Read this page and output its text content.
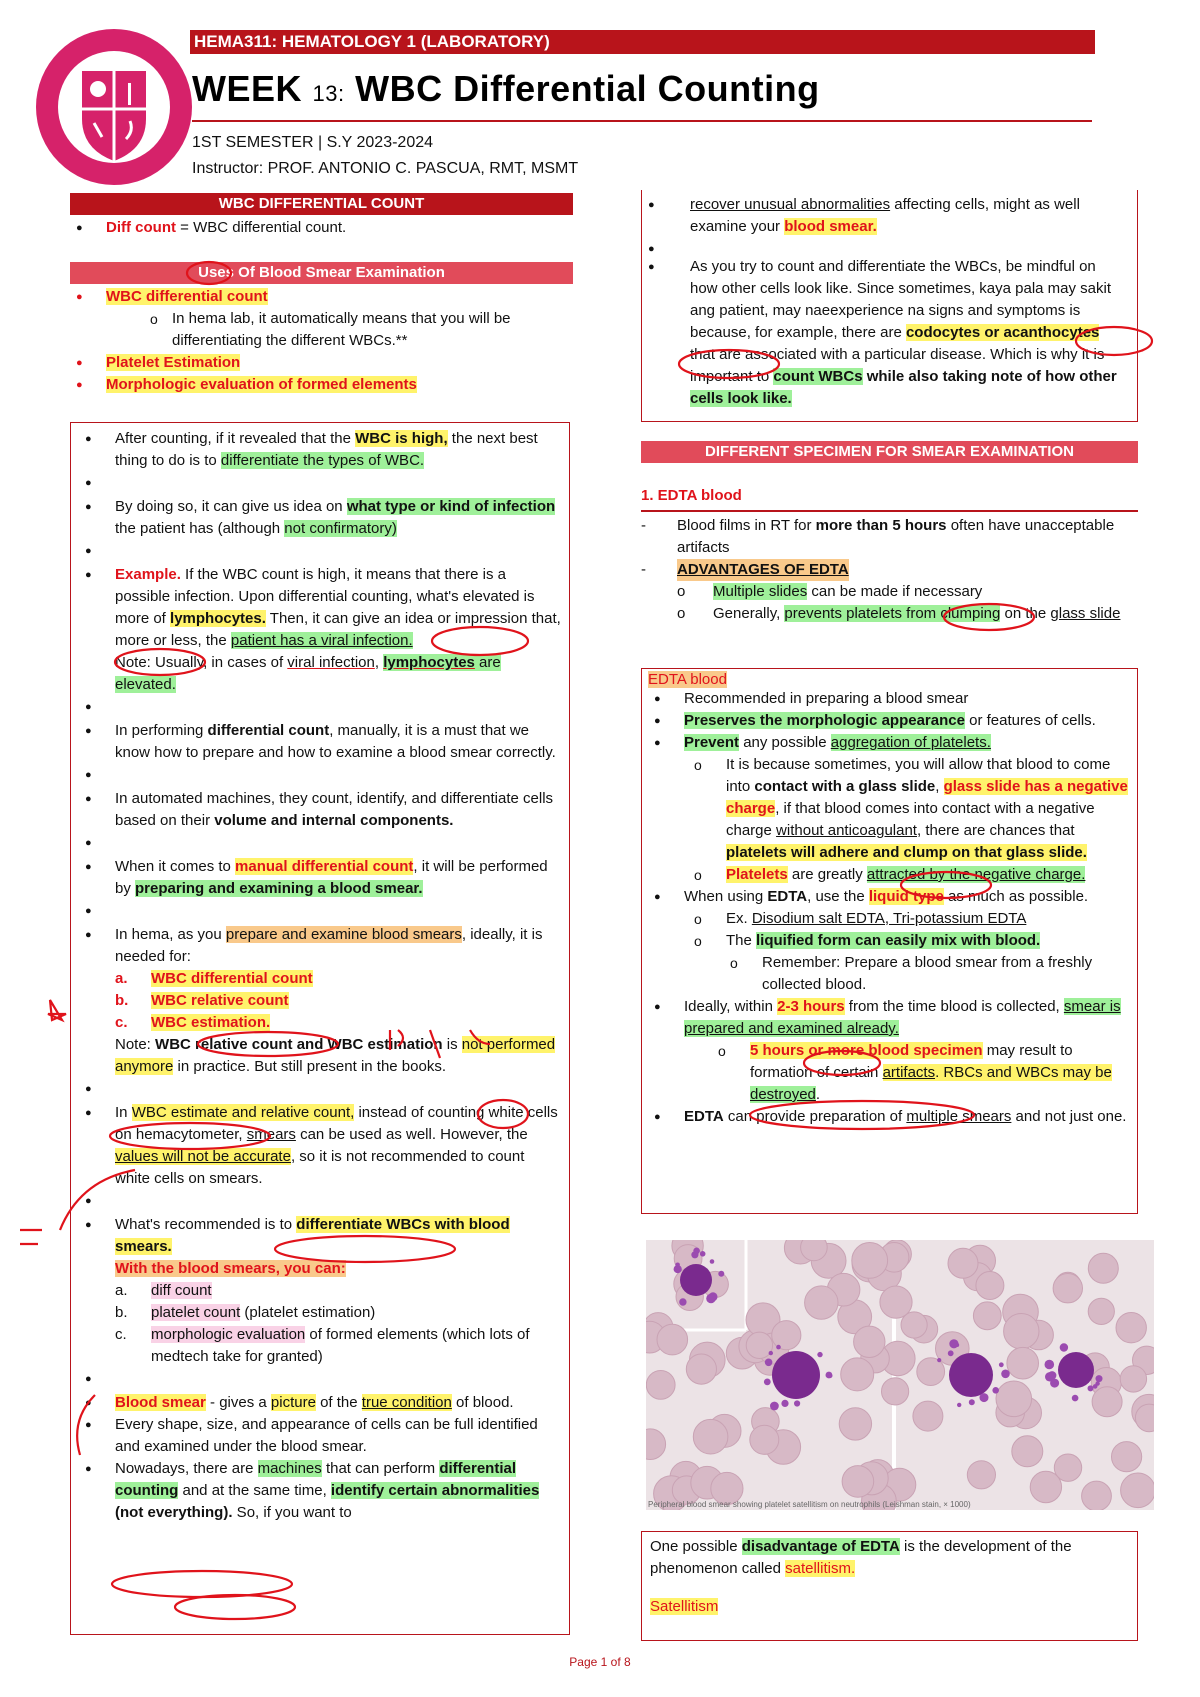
HEMA311: HEMATOLOGY 1 (LABORATORY)
WEEK 13: WBC Differential Counting
1ST SEMESTER | S.Y 2023-2024
Instructor: PROF. ANTONIO C. PASCUA, RMT, MSMT
WBC DIFFERENTIAL COUNT
● Diff count = WBC differential count.
Uses Of Blood Smear Examination
● WBC differential count
o In hema lab, it automatically means that you will be differentiating the different WBCs.**
● Platelet Estimation
● Morphologic evaluation of formed elements
● After counting, if it revealed that the WBC is high, the next best thing to do is to differentiate the types of WBC.
●
● By doing so, it can give us idea on what type or kind of infection the patient has (although not confirmatory)
●
● Example. If the WBC count is high, it means that there is a possible infection. Upon differential counting, what's elevated is more of lymphocytes. Then, it can give an idea or impression that, more or less, the patient has a viral infection.
Note: Usually, in cases of viral infection, lymphocytes are elevated.
●
● In performing differential count, manually, it is a must that we know how to prepare and how to examine a blood smear correctly.
●
● In automated machines, they count, identify, and differentiate cells based on their volume and internal components.
●
● When it comes to manual differential count, it will be performed by preparing and examining a blood smear.
●
● In hema, as you prepare and examine blood smears, ideally, it is needed for:
a. WBC differential count
b. WBC relative count
c. WBC estimation.
Note: WBC relative count and WBC estimation is not performed anymore in practice. But still present in the books.
●
● In WBC estimate and relative count, instead of counting white cells on hemacytometer, smears can be used as well. However, the values will not be accurate, so it is not recommended to count white cells on smears.
●
● What's recommended is to differentiate WBCs with blood smears.
With the blood smears, you can:
a. diff count
b. platelet count (platelet estimation)
c.	morphologic evaluation of formed elements (which lots of medtech take for granted)
●
● Blood smear - gives a picture of the true condition of blood.
● Every shape, size, and appearance of cells can be full identified and examined under the blood smear.
● Nowadays, there are machines that can perform differential counting and at the same time, identify certain abnormalities (not everything). So, if you want to
● recover unusual abnormalities affecting cells, might as well examine your blood smear.
●
● As you try to count and differentiate the WBCs, be mindful on how other cells look like. Since sometimes, kaya pala may sakit ang patient, may naeexperience na signs and symptoms is because, for example, there are codocytes or acanthocytes that are associated with a particular disease. Which is why it is important to count WBCs while also taking note of how other cells look like.
DIFFERENT SPECIMEN FOR SMEAR EXAMINATION
1. EDTA blood
-	Blood films in RT for more than 5 hours often have unacceptable artifacts
-	ADVANTAGES OF EDTA
o	Multiple slides can be made if necessary
o	Generally, prevents platelets from clumping on the glass slide
EDTA blood
● Recommended in preparing a blood smear
● Preserves the morphologic appearance or features of cells.
● Prevent any possible aggregation of platelets.
o It is because sometimes, you will allow that blood to come into contact with a glass slide, glass slide has a negative charge, if that blood comes into contact with a negative charge without anticoagulant, there are chances that platelets will adhere and clump on that glass slide.
o Platelets are greatly attracted by the negative charge.
● When using EDTA, use the liquid type as much as possible.
o Ex. Disodium salt EDTA, Tri-potassium EDTA
o The liquified form can easily mix with blood.
o Remember: Prepare a blood smear from a freshly collected blood.
● Ideally, within 2-3 hours from the time blood is collected, smear is prepared and examined already.
o 5 hours or more blood specimen may result to formation of certain artifacts. RBCs and WBCs may be destroyed.
● EDTA can provide preparation of multiple smears and not just one.
Peripheral blood smear showing platelet satellitism on neutrophils (Leishman stain, × 1000)
One possible disadvantage of EDTA is the development of the phenomenon called satellitism.
Satellitism
Page 1 of 8
